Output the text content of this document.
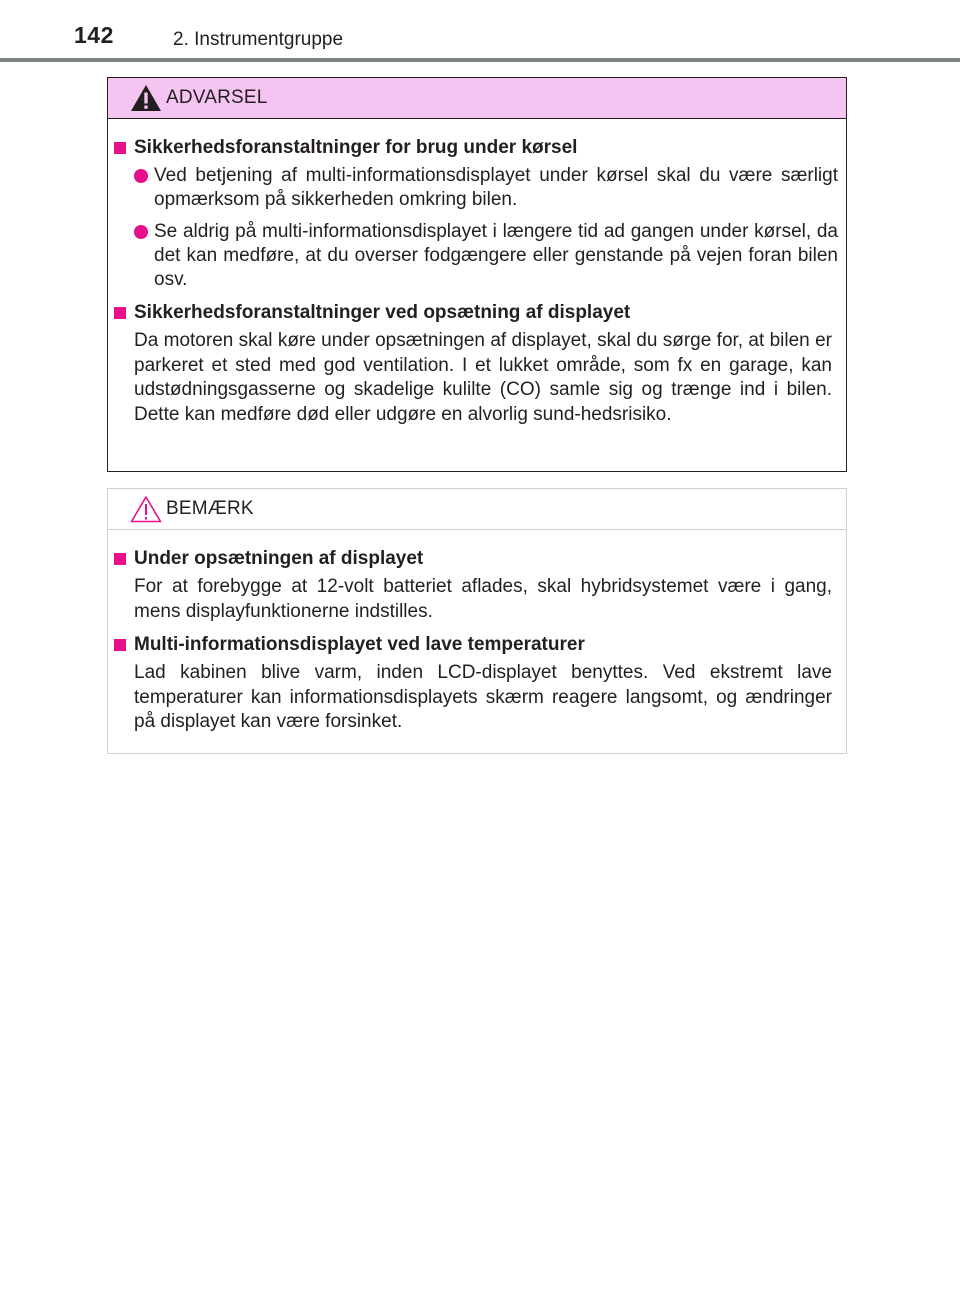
142	2. Instrumentgruppe
ADVARSEL
Sikkerhedsforanstaltninger for brug under kørsel
Ved betjening af multi-informationsdisplayet under kørsel skal du være særligt opmærksom på sikkerheden omkring bilen.
Se aldrig på multi-informationsdisplayet i længere tid ad gangen under kørsel, da det kan medføre, at du overser fodgængere eller genstande på vejen foran bilen osv.
Sikkerhedsforanstaltninger ved opsætning af displayet
Da motoren skal køre under opsætningen af displayet, skal du sørge for, at bilen er parkeret et sted med god ventilation. I et lukket område, som fx en garage, kan udstødningsgasserne og skadelige kulilte (CO) samle sig og trænge ind i bilen. Dette kan medføre død eller udgøre en alvorlig sund-hedsrisiko.
BEMÆRK
Under opsætningen af displayet
For at forebygge at 12-volt batteriet aflades, skal hybridsystemet være i gang, mens displayfunktionerne indstilles.
Multi-informationsdisplayet ved lave temperaturer
Lad kabinen blive varm, inden LCD-displayet benyttes. Ved ekstremt lave temperaturer kan informationsdisplayets skærm reagere langsomt, og ændringer på displayet kan være forsinket.
